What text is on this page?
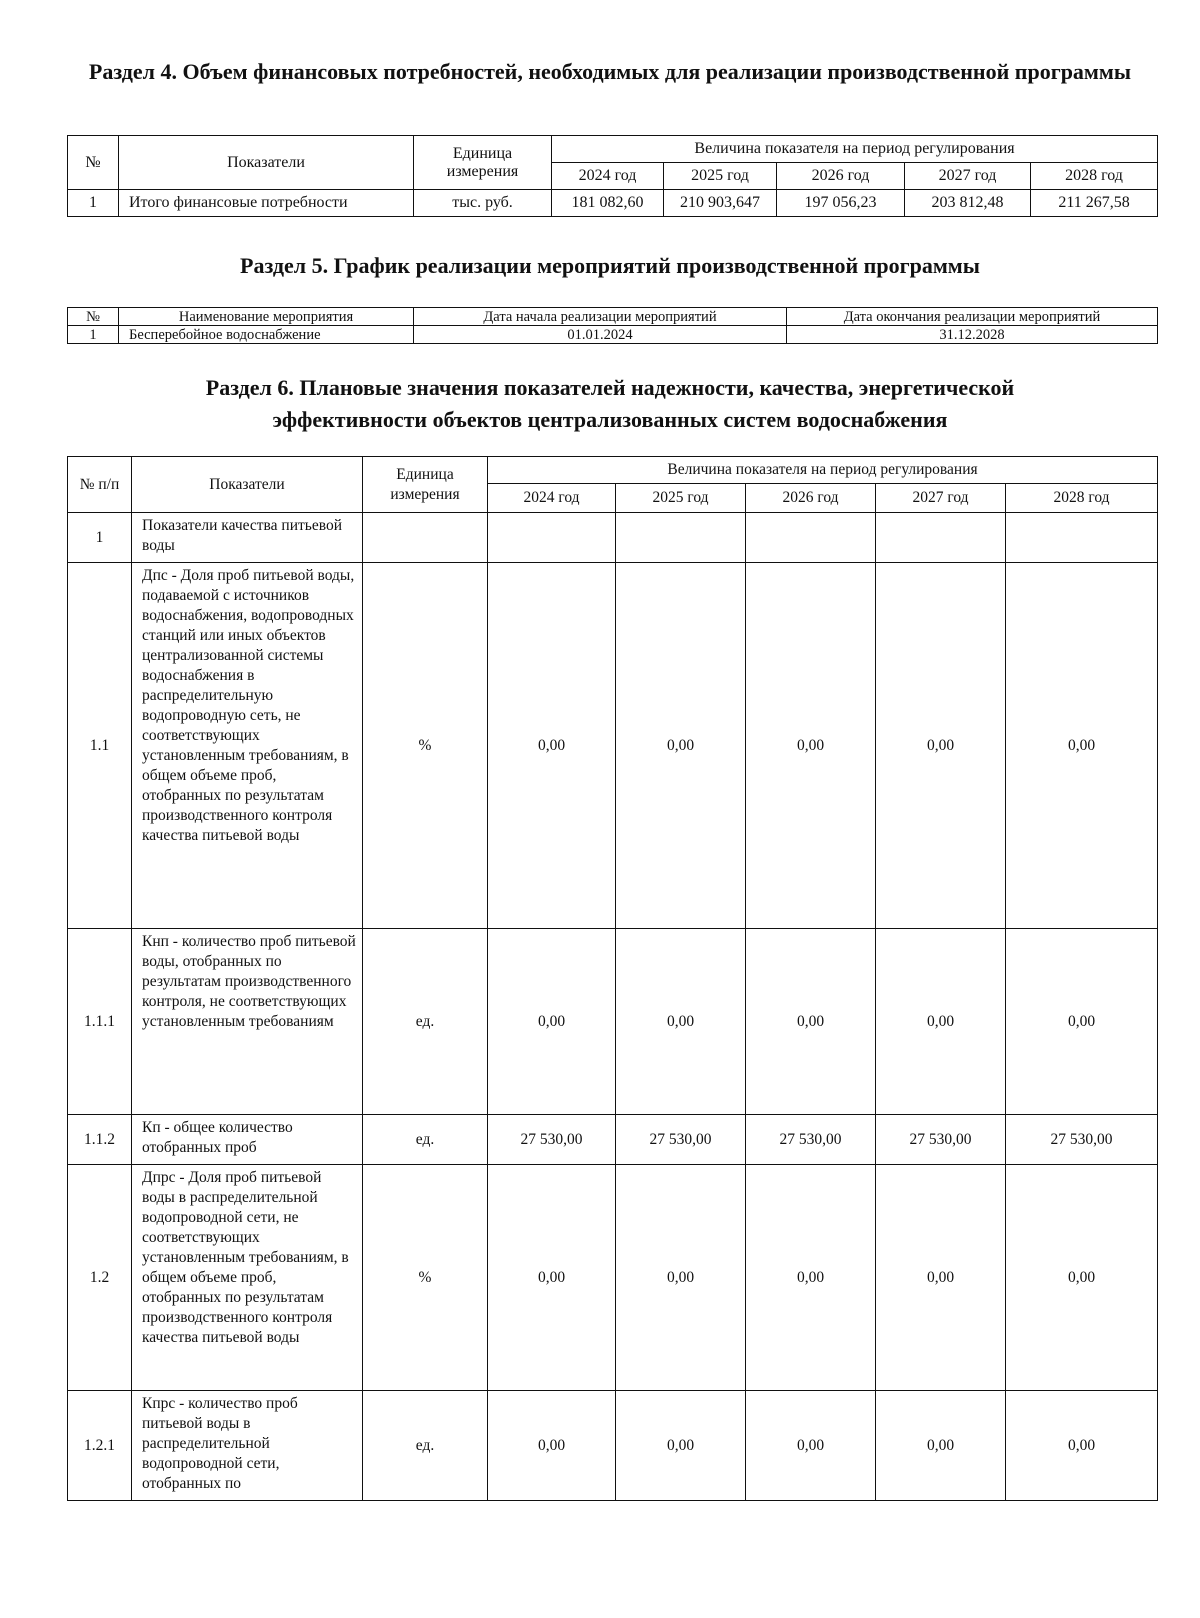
Раздел 4. Объем финансовых потребностей, необходимых для реализации производственной программы
№	Показатели	Единица измерения	Величина показателя на период регулирования				
			2024 год	2025 год	2026 год	2027 год	2028 год
1	Итого финансовые потребности	тыс. руб.	181 082,60	210 903,647	197 056,23	203 812,48	211 267,58
Раздел 5. График реализации мероприятий производственной программы
№	Наименование мероприятия	Дата начала реализации мероприятий	Дата окончания реализации мероприятий
1	Бесперебойное водоснабжение	01.01.2024	31.12.2028
Раздел 6. Плановые значения показателей надежности, качества, энергетической
эффективности объектов централизованных систем водоснабжения
№ п/п	Показатели	Единица измерения	Величина показателя на период регулирования				
			2024 год	2025 год	2026 год	2027 год	2028 год
1	Показатели качества питьевой воды						
1.1	Дпс - Доля проб питьевой воды, подаваемой с источников водоснабжения, водопроводных станций или иных объектов централизованной системы водоснабжения в распределительную водопроводную сеть, не соответствующих установленным требованиям, в общем объеме проб, отобранных по результатам производственного контроля качества питьевой воды	%	0,00	0,00	0,00	0,00	0,00
1.1.1	Кнп - количество проб питьевой воды, отобранных по результатам производственного контроля, не соответствующих установленным требованиям	ед.	0,00	0,00	0,00	0,00	0,00
1.1.2	Кп - общее количество отобранных проб	ед.	27 530,00	27 530,00	27 530,00	27 530,00	27 530,00
1.2	Дпрс - Доля проб питьевой воды в распределительной водопроводной сети, не соответствующих установленным требованиям, в общем объеме проб, отобранных по результатам производственного контроля качества питьевой воды	%	0,00	0,00	0,00	0,00	0,00
1.2.1	Кпрс - количество проб питьевой воды в распределительной водопроводной сети, отобранных по	ед.	0,00	0,00	0,00	0,00	0,00
